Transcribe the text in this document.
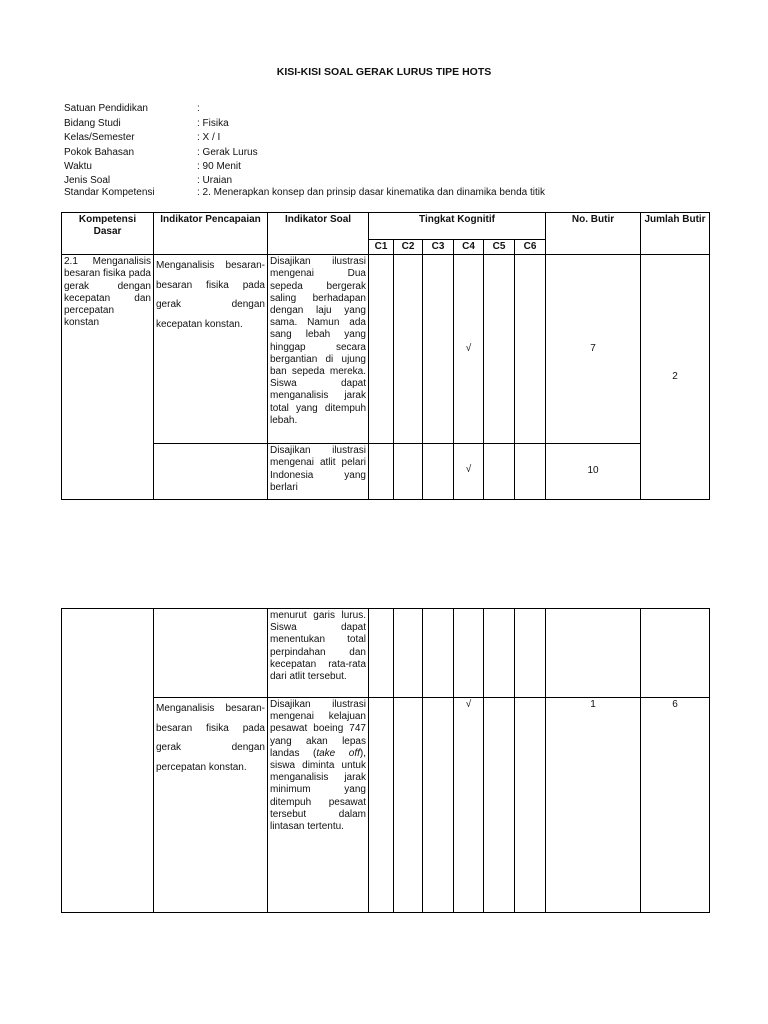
KISI-KISI SOAL GERAK LURUS TIPE HOTS
Satuan Pendidikan	:
Bidang Studi	: Fisika
Kelas/Semester	: X / I
Pokok Bahasan	: Gerak Lurus
Waktu	: 90 Menit
Jenis Soal	: Uraian
Standar Kompetensi	: 2. Menerapkan konsep dan prinsip dasar kinematika dan dinamika benda titik
Kompetensi Dasar	Indikator Pencapaian	Indikator Soal	Tingkat Kognitif						No. Butir	Jumlah Butir
			C1	C2	C3	C4	C5	C6		
2.1 Menganalisis besaran fisika pada gerak dengan kecepatan dan percepatan konstan	Menganalisis besaran-besaran fisika pada gerak dengan kecepatan konstan.	Disajikan ilustrasi mengenai Dua sepeda bergerak saling berhadapan dengan laju yang sama. Namun ada sang lebah yang hinggap secara bergantian di ujung ban sepeda mereka. Siswa dapat menganalisis jarak total yang ditempuh lebah.				√			7	2
		Disajikan ilustrasi mengenai atlit pelari Indonesia yang berlari				√			10	
		menurut garis lurus. Siswa dapat menentukan total perpindahan dan kecepatan rata-rata dari atlit tersebut.								
	Menganalisis besaran-besaran fisika pada gerak dengan percepatan konstan.	Disajikan ilustrasi mengenai kelajuan pesawat boeing 747 yang akan lepas landas (take off), siswa diminta untuk menganalisis jarak minimum yang ditempuh pesawat tersebut dalam lintasan tertentu.				√			1	6
